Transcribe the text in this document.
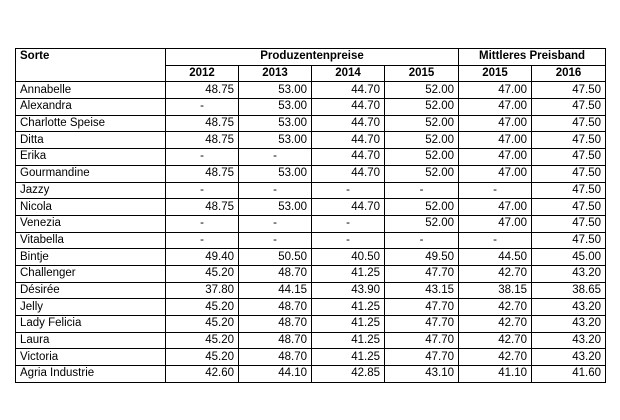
Sorte	Produzentenpreise				Mittleres Preisband	
	2012	2013	2014	2015	2015	2016
Annabelle	48.75	53.00	44.70	52.00	47.00	47.50
Alexandra	-	53.00	44.70	52.00	47.00	47.50
Charlotte Speise	48.75	53.00	44.70	52.00	47.00	47.50
Ditta	48.75	53.00	44.70	52.00	47.00	47.50
Erika	-	-	44.70	52.00	47.00	47.50
Gourmandine	48.75	53.00	44.70	52.00	47.00	47.50
Jazzy	-	-	-	-	-	47.50
Nicola	48.75	53.00	44.70	52.00	47.00	47.50
Venezia	-	-	-	52.00	47.00	47.50
Vitabella	-	-	-	-	-	47.50
Bintje	49.40	50.50	40.50	49.50	44.50	45.00
Challenger	45.20	48.70	41.25	47.70	42.70	43.20
Désirée	37.80	44.15	43.90	43.15	38.15	38.65
Jelly	45.20	48.70	41.25	47.70	42.70	43.20
Lady Felicia	45.20	48.70	41.25	47.70	42.70	43.20
Laura	45.20	48.70	41.25	47.70	42.70	43.20
Victoria	45.20	48.70	41.25	47.70	42.70	43.20
Agria Industrie	42.60	44.10	42.85	43.10	41.10	41.60
